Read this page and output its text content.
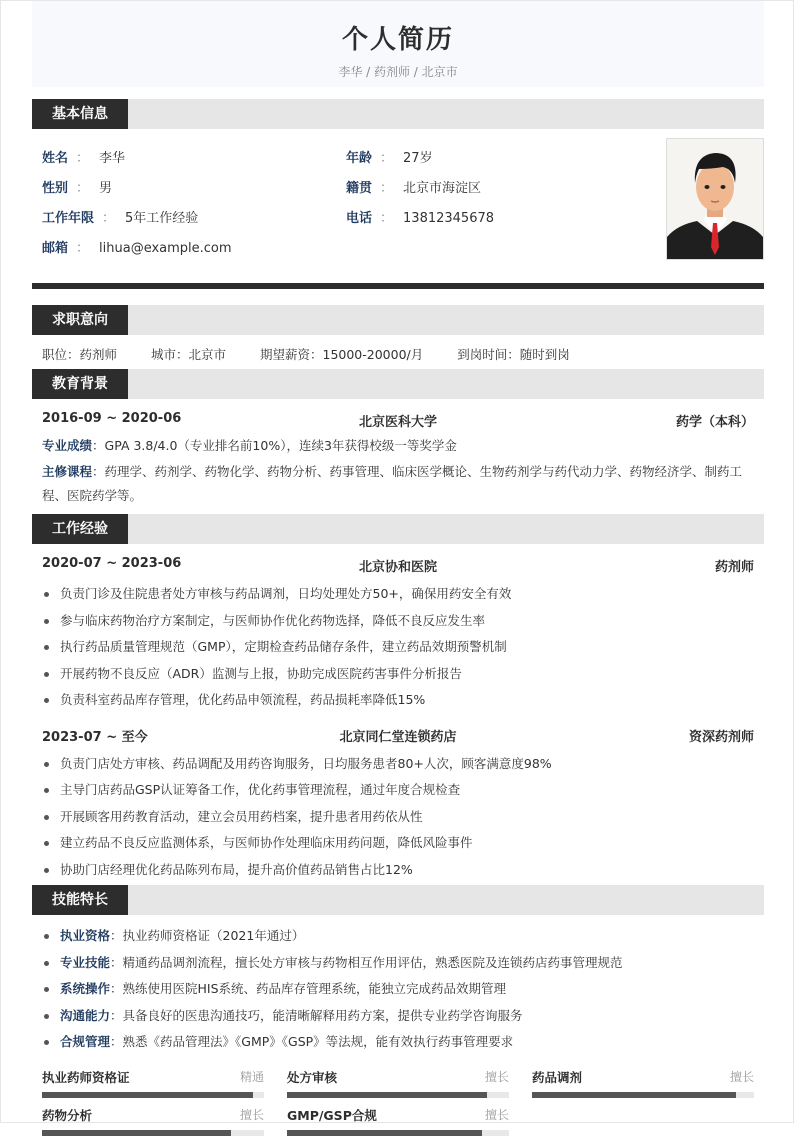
个人简历
李华 / 药剂师 / 北京市
基本信息
姓名 ： 李华	年龄 ： 27岁
性别 ： 男	籍贯 ： 北京市海淀区
工作年限 ： 5年工作经验	电话 ： 13812345678
邮箱 ： lihua@example.com
求职意向
职位：药剂师	城市：北京市	期望薪资：15000-20000/月	到岗时间：随时到岗
教育背景
2016-09 ~ 2020-06	北京医科大学	药学（本科）
专业成绩：GPA 3.8/4.0（专业排名前10%），连续3年获得校级一等奖学金
主修课程：药理学、药剂学、药物化学、药物分析、药事管理、临床医学概论、生物药剂学与药代动力学、药物经济学、制药工程、医院药学等。
工作经验
2020-07 ~ 2023-06	北京协和医院	药剂师
负责门诊及住院患者处方审核与药品调剂，日均处理处方50+，确保用药安全有效
参与临床药物治疗方案制定，与医师协作优化药物选择，降低不良反应发生率
执行药品质量管理规范（GMP），定期检查药品储存条件，建立药品效期预警机制
开展药物不良反应（ADR）监测与上报，协助完成医院药害事件分析报告
负责科室药品库存管理，优化药品申领流程，药品损耗率降低15%
2023-07 ~ 至今	北京同仁堂连锁药店	资深药剂师
负责门店处方审核、药品调配及用药咨询服务，日均服务患者80+人次，顾客满意度98%
主导门店药品GSP认证筹备工作，优化药事管理流程，通过年度合规检查
开展顾客用药教育活动，建立会员用药档案，提升患者用药依从性
建立药品不良反应监测体系，与医师协作处理临床用药问题，降低风险事件
协助门店经理优化药品陈列布局，提升高价值药品销售占比12%
技能特长
执业资格：执业药师资格证（2021年通过）
专业技能：精通药品调剂流程，擅长处方审核与药物相互作用评估，熟悉医院及连锁药店药事管理规范
系统操作：熟练使用医院HIS系统、药品库存管理系统，能独立完成药品效期管理
沟通能力：具备良好的医患沟通技巧，能清晰解释用药方案，提供专业药学咨询服务
合规管理：熟悉《药品管理法》《GMP》《GSP》等法规，能有效执行药事管理要求
执业药师资格证	精通 处方审核	擅长 药品调剂	擅长
药物分析	擅长 GMP/GSP合规	擅长
